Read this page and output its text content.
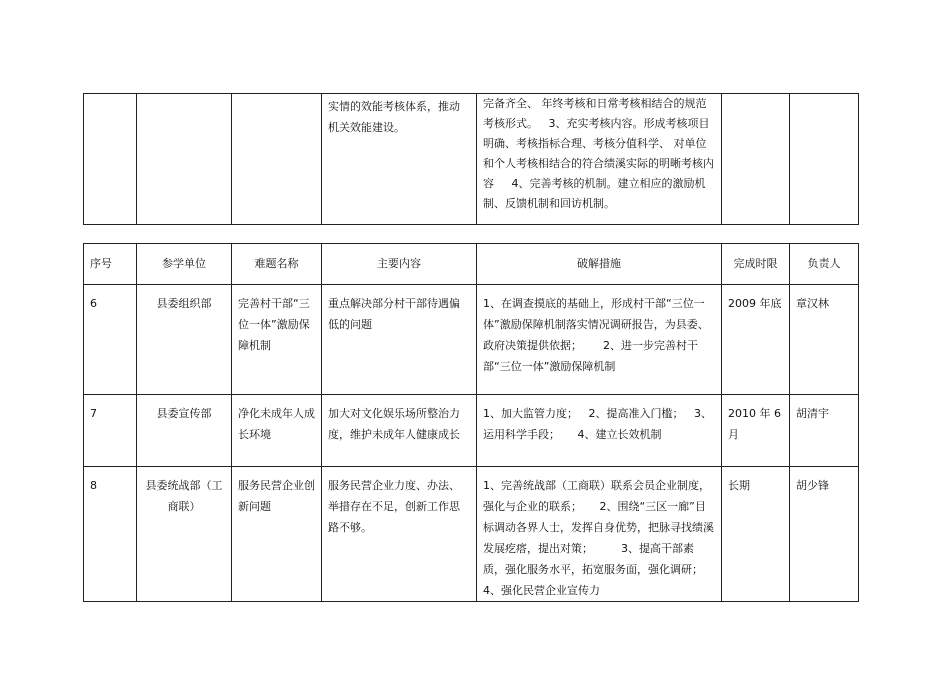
			实情的效能考核体系，推动机关效能建设。	完备齐全、 年终考核和日常考核相结合的规范考核形式。   3、充实考核内容。形成考核项目明确、考核指标合理、考核分值科学、 对单位和个人考核相结合的符合绩溪实际的明晰考核内容     4、完善考核的机制。建立相应的激励机制、反馈机制和回访机制。		
序号	参学单位	难题名称	主要内容	破解措施	完成时限	负责人
6	县委组织部	完善村干部“三位一体”激励保障机制	重点解决部分村干部待遇偏低的问题	1、在调查摸底的基础上，形成村干部“三位一体”激励保障机制落实情况调研报告，为县委、政府决策提供依据；      2、进一步完善村干部“三位一体”激励保障机制	2009 年底	章汉林
7	县委宣传部	净化未成年人成长环境	加大对文化娱乐场所整治力度，维护未成年人健康成长	1、加大监管力度；   2、提高准入门槛；   3、运用科学手段；     4、建立长效机制	2010 年 6 月	胡清宇
8	县委统战部（工商联）	服务民营企业创新问题	服务民营企业力度、办法、举措存在不足，创新工作思路不够。	1、完善统战部（工商联）联系会员企业制度，强化与企业的联系；     2、围绕“三区一廊”目标调动各界人士，发挥自身优势，把脉寻找绩溪发展疙瘩，提出对策；        3、提高干部素质，强化服务水平，拓宽服务面，强化调研；    4、强化民营企业宣传力	长期	胡少锋
